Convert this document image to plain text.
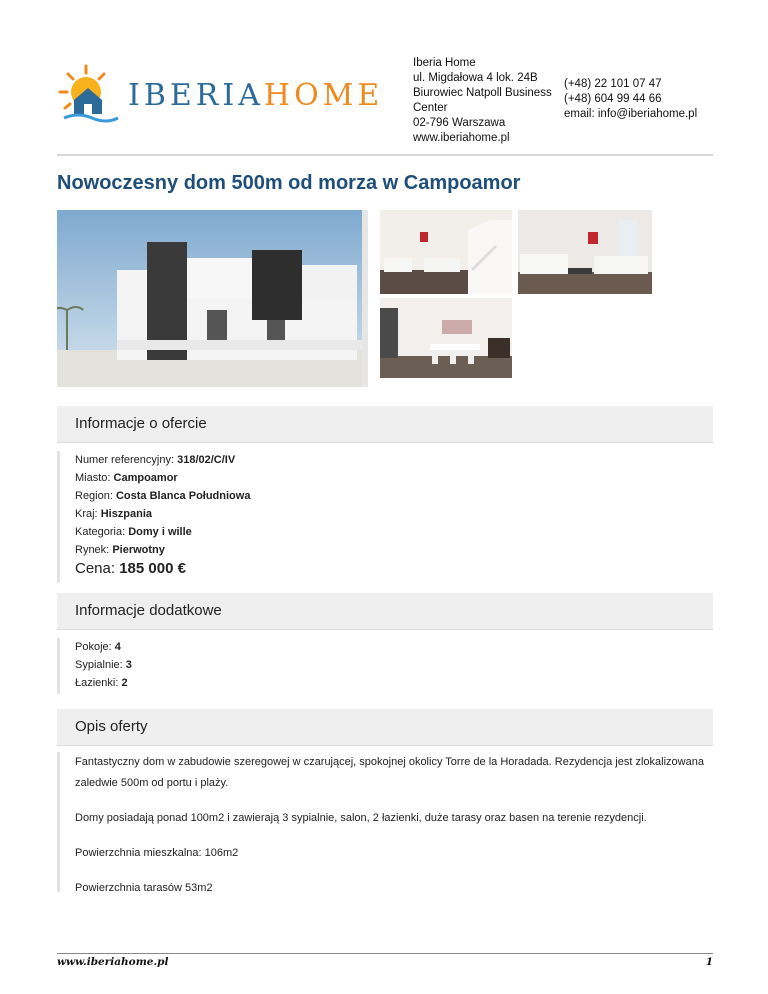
IBERIAHOME
Iberia Home
ul. Migdałowa 4 lok. 24B
Biurowiec Natpoll Business
Center
02-796 Warszawa
www.iberiahome.pl
(+48) 22 101 07 47
(+48) 604 99 44 66
email: info@iberiahome.pl
Nowoczesny dom 500m od morza w Campoamor
Informacje o ofercie
Numer referencyjny: 318/02/C/IV
Miasto: Campoamor
Region: Costa Blanca Południowa
Kraj: Hiszpania
Kategoria: Domy i wille
Rynek: Pierwotny
Cena: 185 000 €
Informacje dodatkowe
Pokoje: 4
Sypialnie: 3
Łazienki: 2
Opis oferty

Fantastyczny dom w zabudowie szeregowej w czarującej, spokojnej okolicy Torre de la Horadada. Rezydencja jest zlokalizowana zaledwie 500m od portu i plaży.

Domy posiadają ponad 100m2 i zawierają 3 sypialnie, salon, 2 łazienki, duże tarasy oraz basen na terenie rezydencji.

Powierzchnia mieszkalna: 106m2

Powierzchnia tarasów 53m2

www.iberiahome.pl	1
